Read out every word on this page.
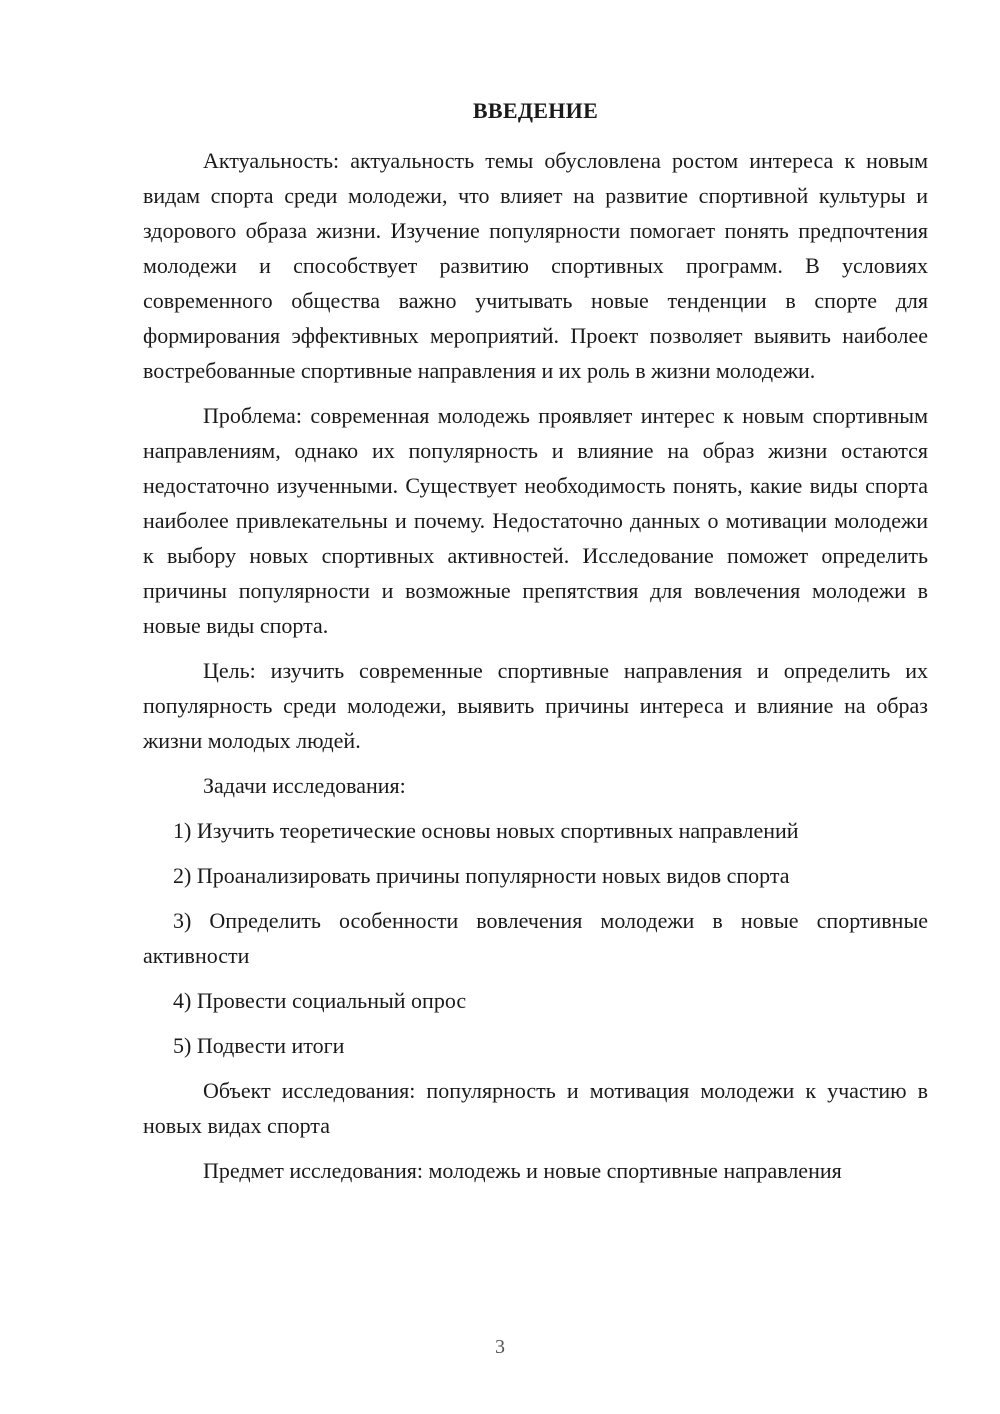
ВВЕДЕНИЕ

Актуальность: актуальность темы обусловлена ростом интереса к новым видам спорта среди молодежи, что влияет на развитие спортивной культуры и здорового образа жизни. Изучение популярности помогает понять предпочтения молодежи и способствует развитию спортивных программ. В условиях современного общества важно учитывать новые тенденции в спорте для формирования эффективных мероприятий. Проект позволяет выявить наиболее востребованные спортивные направления и их роль в жизни молодежи.

Проблема: современная молодежь проявляет интерес к новым спортивным направлениям, однако их популярность и влияние на образ жизни остаются недостаточно изученными. Существует необходимость понять, какие виды спорта наиболее привлекательны и почему. Недостаточно данных о мотивации молодежи к выбору новых спортивных активностей. Исследование поможет определить причины популярности и возможные препятствия для вовлечения молодежи в новые виды спорта.

Цель: изучить современные спортивные направления и определить их популярность среди молодежи, выявить причины интереса и влияние на образ жизни молодых людей.

Задачи исследования:

1) Изучить теоретические основы новых спортивных направлений

2) Проанализировать причины популярности новых видов спорта

3) Определить особенности вовлечения молодежи в новые спортивные активности

4) Провести социальный опрос

5) Подвести итоги

Объект исследования: популярность и мотивация молодежи к участию в новых видах спорта

Предмет исследования: молодежь и новые спортивные направления

3
